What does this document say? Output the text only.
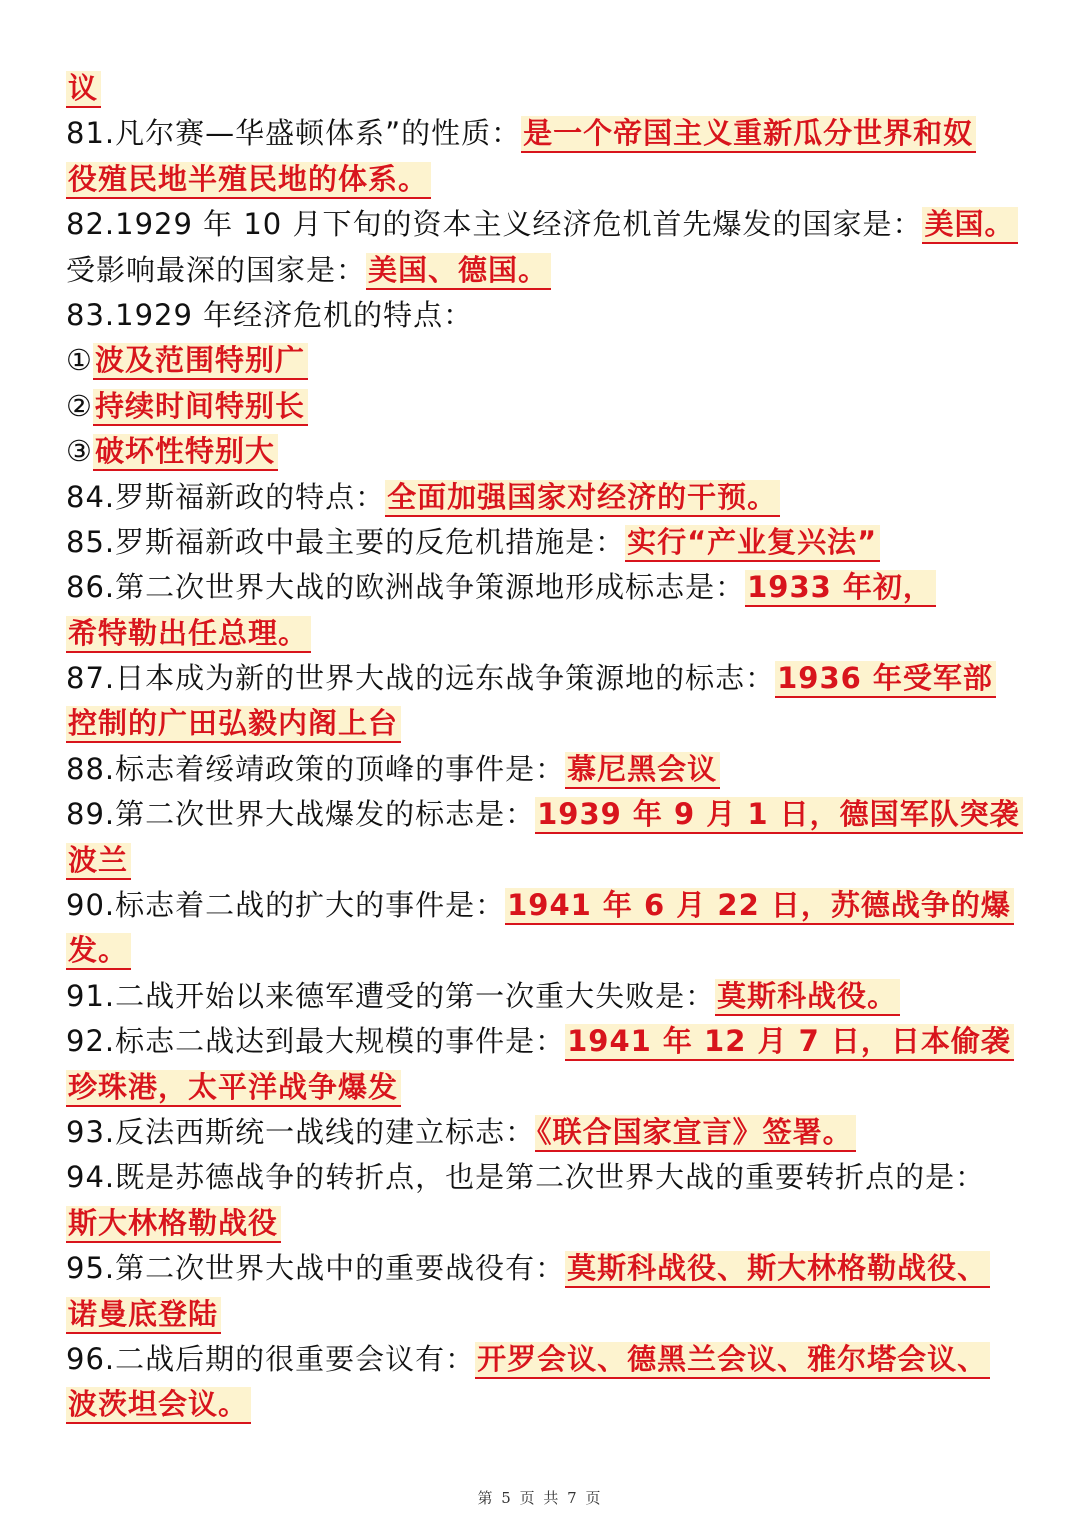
议
81.凡尔赛—华盛顿体系”的性质：是一个帝国主义重新瓜分世界和奴
役殖民地半殖民地的体系。
82.1929 年 10 月下旬的资本主义经济危机首先爆发的国家是：美国。
受影响最深的国家是：美国、德国。
83.1929 年经济危机的特点：
①波及范围特别广
②持续时间特别长
③破坏性特别大
84.罗斯福新政的特点：全面加强国家对经济的干预。
85.罗斯福新政中最主要的反危机措施是：实行“产业复兴法”
86.第二次世界大战的欧洲战争策源地形成标志是：1933 年初，
希特勒出任总理。
87.日本成为新的世界大战的远东战争策源地的标志：1936 年受军部
控制的广田弘毅内阁上台
88.标志着绥靖政策的顶峰的事件是：慕尼黑会议
89.第二次世界大战爆发的标志是：1939 年 9 月 1 日，德国军队突袭
波兰
90.标志着二战的扩大的事件是：1941 年 6 月 22 日，苏德战争的爆
发。
91.二战开始以来德军遭受的第一次重大失败是：莫斯科战役。
92.标志二战达到最大规模的事件是：1941 年 12 月 7 日，日本偷袭
珍珠港，太平洋战争爆发
93.反法西斯统一战线的建立标志：《联合国家宣言》签署。
94.既是苏德战争的转折点，也是第二次世界大战的重要转折点的是：
斯大林格勒战役
95.第二次世界大战中的重要战役有：莫斯科战役、斯大林格勒战役、
诺曼底登陆
96.二战后期的很重要会议有：开罗会议、德黑兰会议、雅尔塔会议、
波茨坦会议。
第 5 页 共 7 页
